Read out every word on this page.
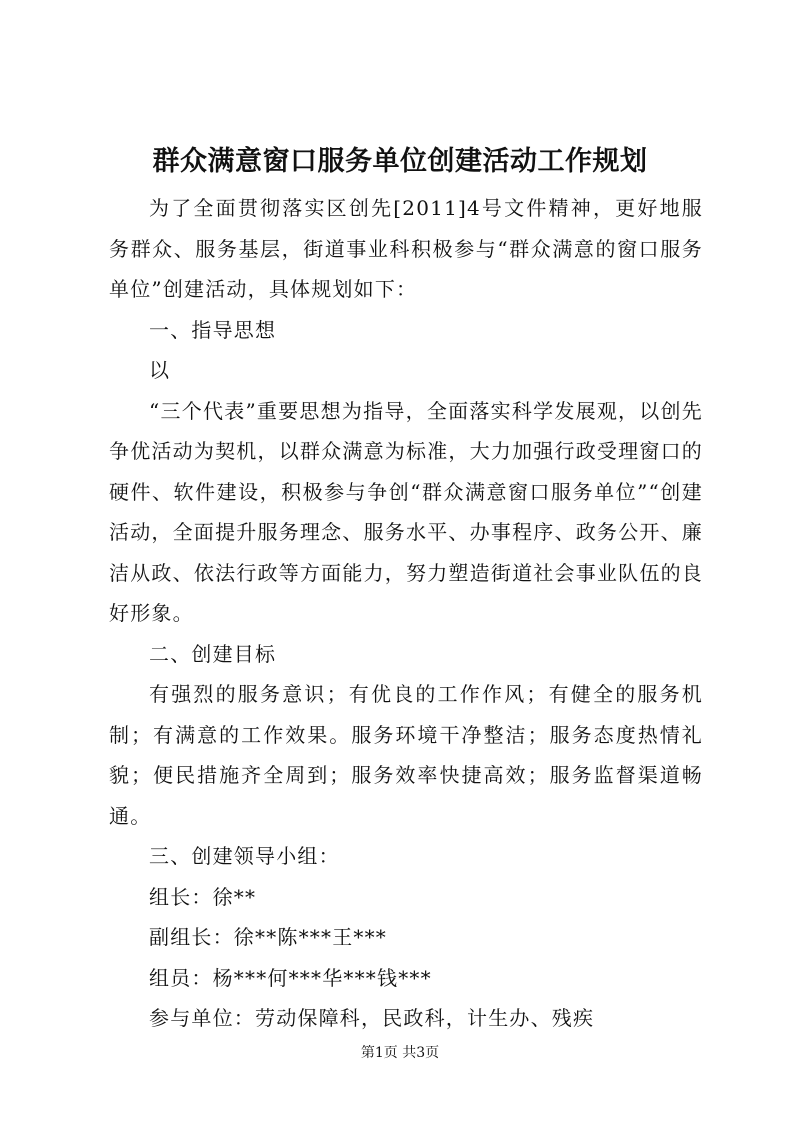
群众满意窗口服务单位创建活动工作规划

为了全面贯彻落实区创先[2011]4号文件精神，更好地服务群众、服务基层，街道事业科积极参与“群众满意的窗口服务单位”创建活动，具体规划如下：

一、指导思想

以

“三个代表”重要思想为指导，全面落实科学发展观，以创先争优活动为契机，以群众满意为标准，大力加强行政受理窗口的硬件、软件建设，积极参与争创“群众满意窗口服务单位”“创建活动，全面提升服务理念、服务水平、办事程序、政务公开、廉洁从政、依法行政等方面能力，努力塑造街道社会事业队伍的良好形象。

二、创建目标

有强烈的服务意识；有优良的工作作风；有健全的服务机制；有满意的工作效果。服务环境干净整洁；服务态度热情礼貌；便民措施齐全周到；服务效率快捷高效；服务监督渠道畅通。

三、创建领导小组：

组长：徐**

副组长：徐**陈***王***

组员：杨***何***华***钱***

参与单位：劳动保障科，民政科，计生办、残疾

第1页 共3页
